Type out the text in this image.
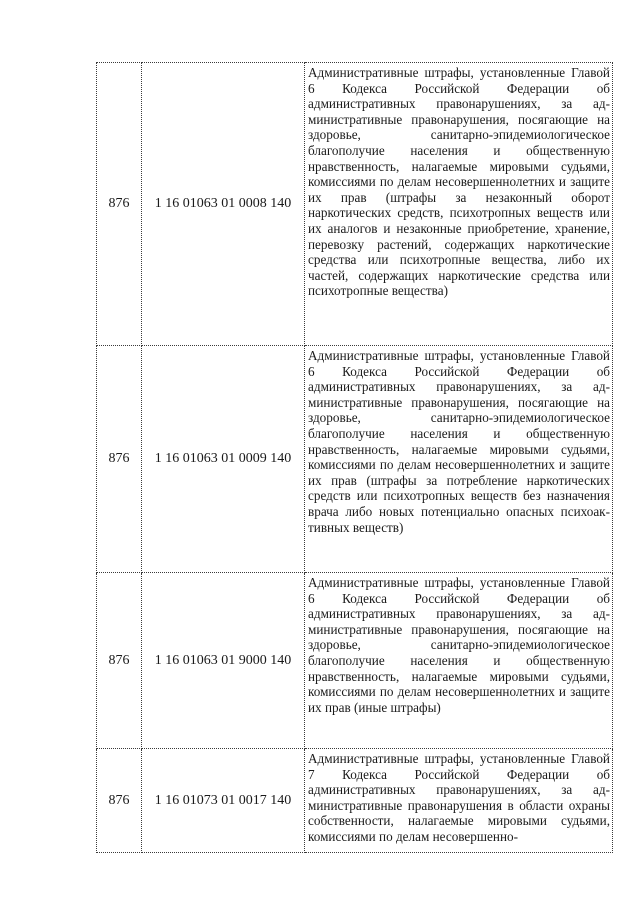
876	1 16 01063 01 0008 140	Административные штрафы, установленные Главой 6 Кодекса Российской Федерации об административных правонарушениях, за административные правонарушения, посягающие на здоровье, санитарно-эпидемиологическое благополучие населения и общественную нравственность, налагаемые мировыми судьями, комиссиями по делам несовершеннолетних и защите их прав (штрафы за незаконный оборот наркотических средств, психотропных веществ или их аналогов и незаконные приобретение, хранение, перевозку растений, содержащих наркотические средства или психотропные вещества, либо их частей, содержащих наркотические средства или психотропные вещества)
876	1 16 01063 01 0009 140	Административные штрафы, установленные Главой 6 Кодекса Российской Федерации об административных правонарушениях, за административные правонарушения, посягающие на здоровье, санитарно-эпидемиологическое благополучие населения и общественную нравственность, налагаемые мировыми судьями, комиссиями по делам несовершеннолетних и защите их прав (штрафы за потребление наркотических средств или психотропных веществ без назначения врача либо новых потенциально опасных психоактивных веществ)
876	1 16 01063 01 9000 140	Административные штрафы, установленные Главой 6 Кодекса Российской Федерации об административных правонарушениях, за административные правонарушения, посягающие на здоровье, санитарно-эпидемиологическое благополучие населения и общественную нравственность, налагаемые мировыми судьями, комиссиями по делам несовершеннолетних и защите их прав (иные штрафы)
876	1 16 01073 01 0017 140	Административные штрафы, установленные Главой 7 Кодекса Российской Федерации об административных правонарушениях, за административные правонарушения в области охраны собственности, налагаемые мировыми судьями, комиссиями по делам несовершенно-
